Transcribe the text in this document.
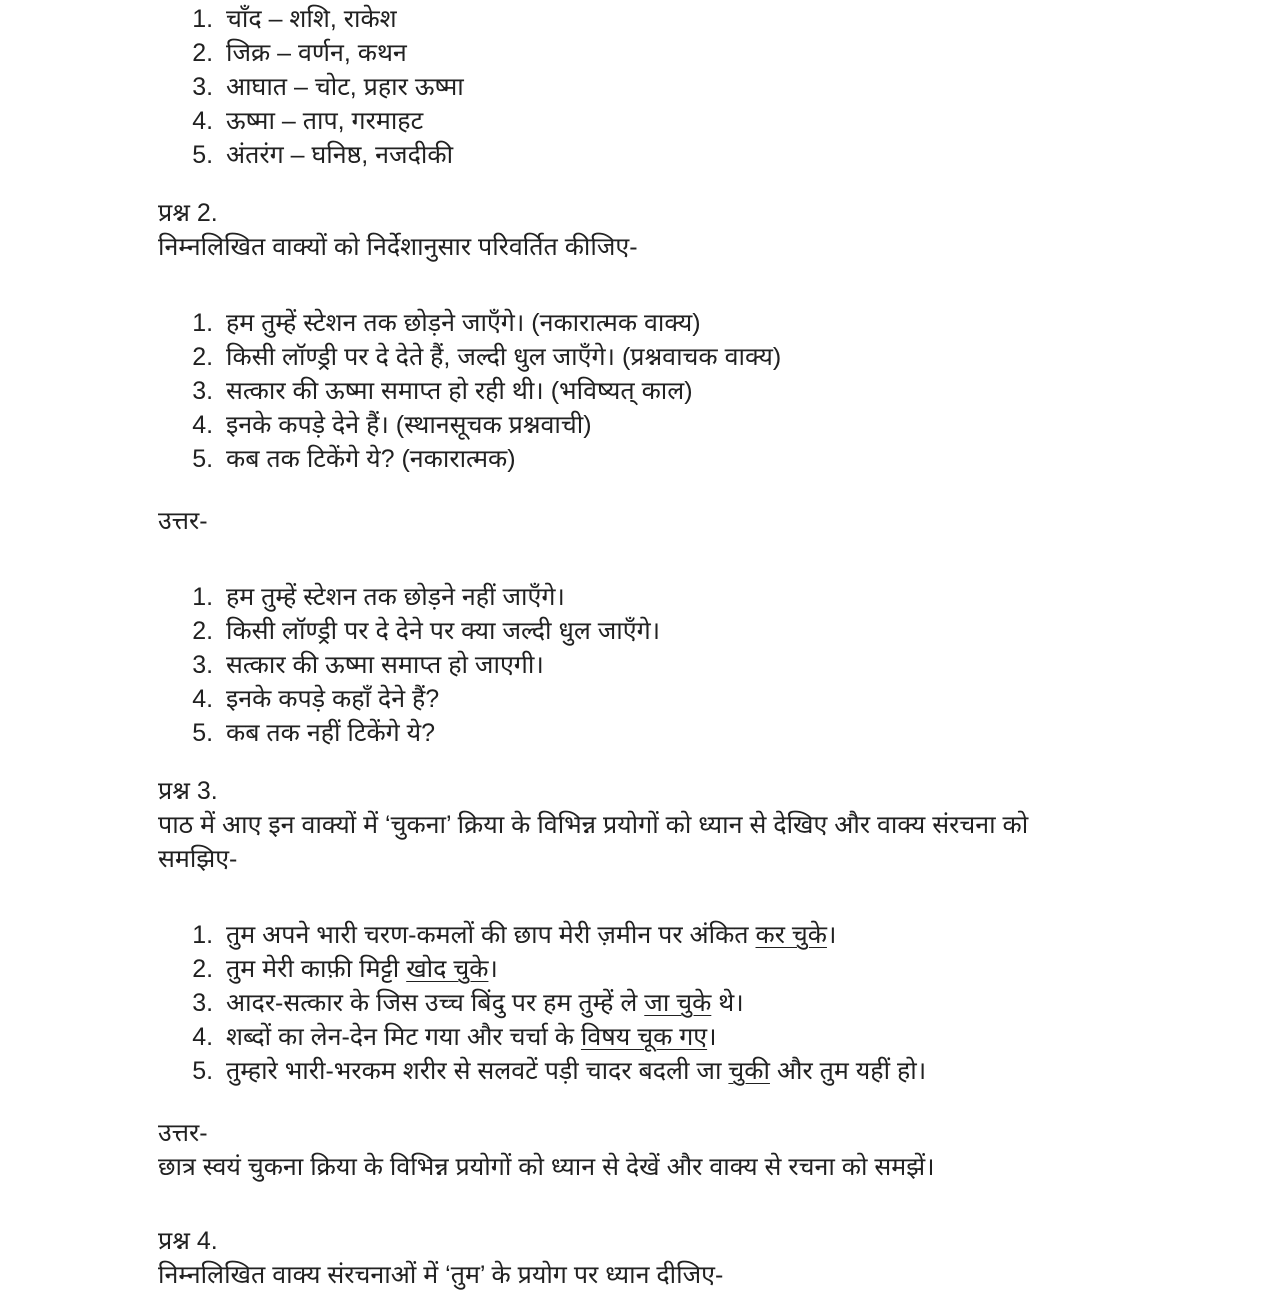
1. चाँद – शशि, राकेश
2. जिक्र – वर्णन, कथन
3. आघात – चोट, प्रहार ऊष्मा
4. ऊष्मा – ताप, गरमाहट
5. अंतरंग – घनिष्ठ, नजदीकी
प्रश्न 2.
निम्नलिखित वाक्यों को निर्देशानुसार परिवर्तित कीजिए-
1. हम तुम्हें स्टेशन तक छोड़ने जाएँगे। (नकारात्मक वाक्य)
2. किसी लॉण्ड्री पर दे देते हैं, जल्दी धुल जाएँगे। (प्रश्नवाचक वाक्य)
3. सत्कार की ऊष्मा समाप्त हो रही थी। (भविष्यत् काल)
4. इनके कपड़े देने हैं। (स्थानसूचक प्रश्नवाची)
5. कब तक टिकेंगे ये? (नकारात्मक)
उत्तर-
1. हम तुम्हें स्टेशन तक छोड़ने नहीं जाएँगे।
2. किसी लॉण्ड्री पर दे देने पर क्या जल्दी धुल जाएँगे।
3. सत्कार की ऊष्मा समाप्त हो जाएगी।
4. इनके कपड़े कहाँ देने हैं?
5. कब तक नहीं टिकेंगे ये?
प्रश्न 3.
पाठ में आए इन वाक्यों में ‘चुकना’ क्रिया के विभिन्न प्रयोगों को ध्यान से देखिए और वाक्य संरचना को समझिए-
1. तुम अपने भारी चरण-कमलों की छाप मेरी ज़मीन पर अंकित कर चुके।
2. तुम मेरी काफ़ी मिट्टी खोद चुके।
3. आदर-सत्कार के जिस उच्च बिंदु पर हम तुम्हें ले जा चुके थे।
4. शब्दों का लेन-देन मिट गया और चर्चा के विषय चूक गए।
5. तुम्हारे भारी-भरकम शरीर से सलवटें पड़ी चादर बदली जा चुकी और तुम यहीं हो।
उत्तर-
छात्र स्वयं चुकना क्रिया के विभिन्न प्रयोगों को ध्यान से देखें और वाक्य से रचना को समझें।
प्रश्न 4.
निम्नलिखित वाक्य संरचनाओं में ‘तुम’ के प्रयोग पर ध्यान दीजिए-
